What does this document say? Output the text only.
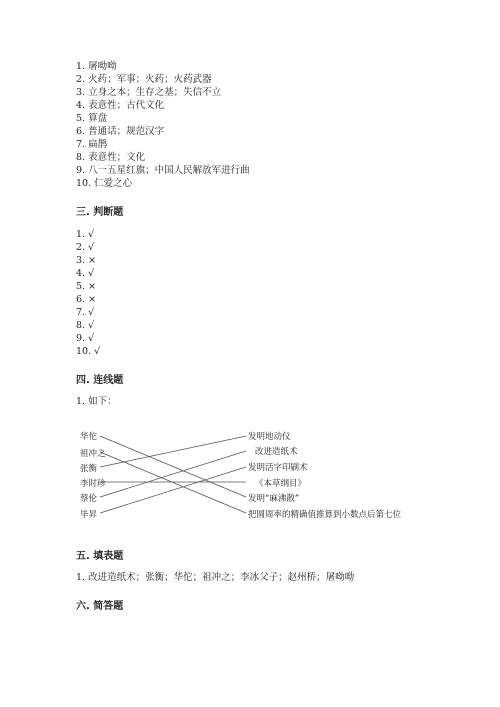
1. 屠呦呦
2. 火药；军事；火药；火药武器
3. 立身之本；生存之基；失信不立
4. 表意性；古代文化
5. 算盘
6. 普通话；规范汉字
7. 扁鹊
8. 表意性；文化
9. 八一五星红旗；中国人民解放军进行曲
10. 仁爱之心
三. 判断题
1. √
2. √
3. ×
4. √
5. ×
6. ×
7. √
8. √
9. √
10. √
四. 连线题
1. 如下：
华佗
祖冲之
张衡
李时珍
蔡伦
毕昇
发明地动仪
改进造纸术
发明活字印刷术
《本草纲目》
发明“麻沸散”
把圆周率的精确值推算到小数点后第七位
五. 填表题
1. 改进造纸术；张衡；华佗；祖冲之；李冰父子；赵州桥；屠呦呦
六. 简答题
